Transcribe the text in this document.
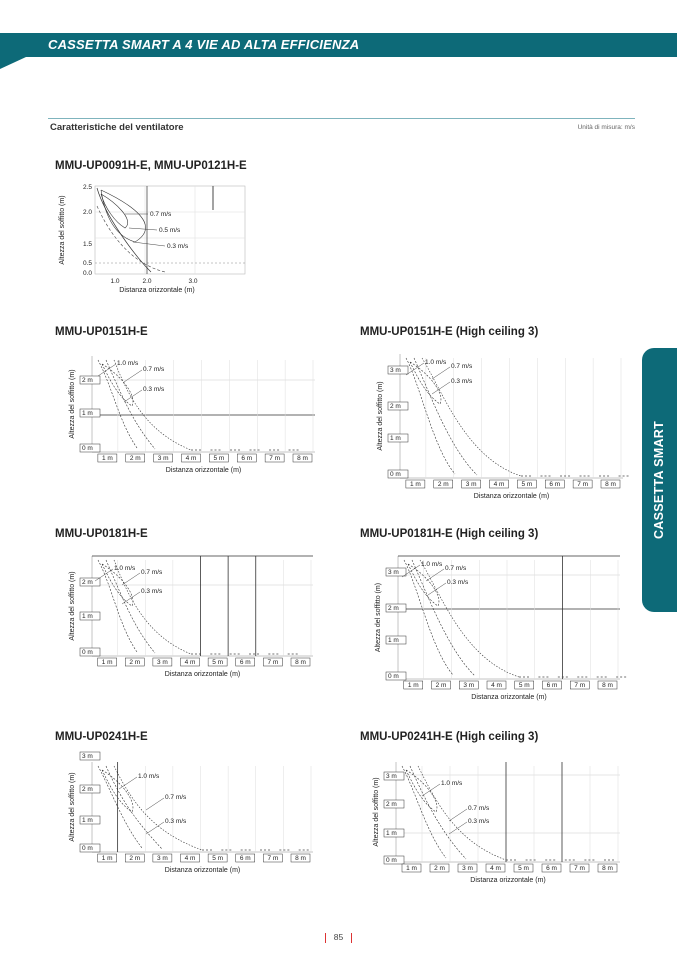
CASSETTA SMART A 4 VIE AD ALTA EFFICIENZA
Caratteristiche del ventilatore	Unità di misura: m/s
CASSETTA SMART
MMU-UP0091H-E, MMU-UP0121H-E
MMU-UP0151H-E	MMU-UP0151H-E (High ceiling 3)
MMU-UP0181H-E	MMU-UP0181H-E (High ceiling 3)
MMU-UP0241H-E	MMU-UP0241H-E (High ceiling 3)
2.5
2.0
1.5
0.5
0.0
1.0	2.0	3.0
Distanza orizzontale (m)
Altezza del soffitto (m)	0.7 m/s
0.5 m/s
0.3 m/s
2 m
1 m
0 m
1 m	2 m	3 m	4 m	5 m	6 m	7 m	8 m
Distanza orizzontale (m)
Altezza del soffitto (m)
1.0 m/s
0.7 m/s
0.3 m/s
3 m
2 m
1 m
0 m
1 m	2 m	3 m	4 m	5 m	6 m	7 m	8 m
Distanza orizzontale (m)
Altezza del soffitto (m)
1.0 m/s
0.7 m/s
0.3 m/s
2 m
1 m
0 m
1 m	2 m	3 m	4 m	5 m	6 m	7 m	8 m
Distanza orizzontale (m)
Altezza del soffitto (m)
1.0 m/s
0.7 m/s
0.3 m/s
3 m
2 m
1 m
0 m
1 m	2 m	3 m	4 m	5 m	6 m	7 m	8 m
Distanza orizzontale (m)
Altezza del soffitto (m)
1.0 m/s
0.7 m/s
0.3 m/s
3 m
2 m
1 m
0 m
1 m	2 m	3 m	4 m	5 m	6 m	7 m	8 m
Distanza orizzontale (m)
Altezza del soffitto (m)	1.0 m/s
0.7 m/s
0.3 m/s
3 m
2 m
1 m
0 m
1 m	2 m	3 m	4 m	5 m	6 m	7 m	8 m
Distanza orizzontale (m)
Altezza del soffitto (m)	1.0 m/s
0.7 m/s
0.3 m/s
85
